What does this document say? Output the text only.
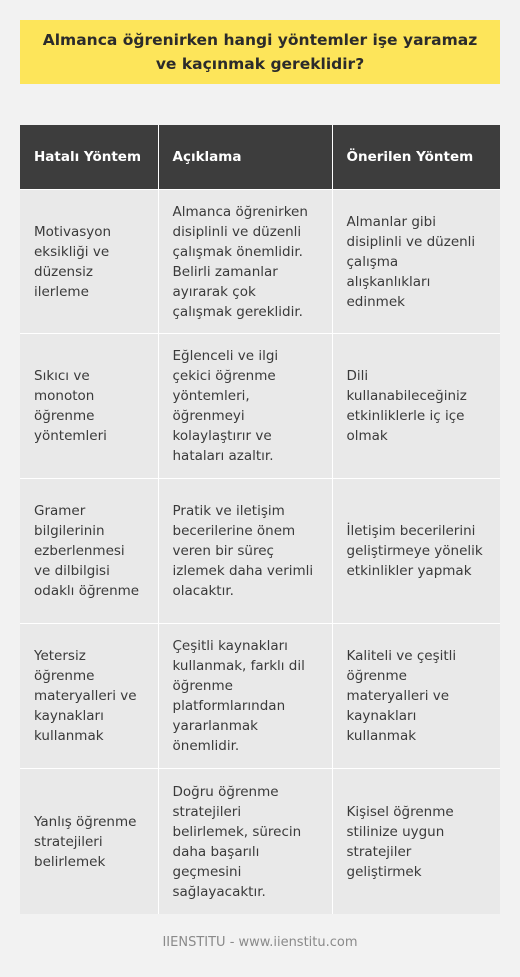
Almanca öğrenirken hangi yöntemler işe yaramaz ve kaçınmak gereklidir?
Hatalı Yöntem	Açıklama	Önerilen Yöntem
Motivasyon eksikliği ve düzensiz ilerleme	Almanca öğrenirken disiplinli ve düzenli çalışmak önemlidir. Belirli zamanlar ayırarak çok çalışmak gereklidir.	Almanlar gibi disiplinli ve düzenli çalışma alışkanlıkları edinmek
Sıkıcı ve monoton öğrenme yöntemleri	Eğlenceli ve ilgi çekici öğrenme yöntemleri, öğrenmeyi kolaylaştırır ve hataları azaltır.	Dili kullanabileceğiniz etkinliklerle iç içe olmak
Gramer bilgilerinin ezberlenmesi ve dilbilgisi odaklı öğrenme	Pratik ve iletişim becerilerine önem veren bir süreç izlemek daha verimli olacaktır.	İletişim becerilerini geliştirmeye yönelik etkinlikler yapmak
Yetersiz öğrenme materyalleri ve kaynakları kullanmak	Çeşitli kaynakları kullanmak, farklı dil öğrenme platformlarından yararlanmak önemlidir.	Kaliteli ve çeşitli öğrenme materyalleri ve kaynakları kullanmak
Yanlış öğrenme stratejileri belirlemek	Doğru öğrenme stratejileri belirlemek, sürecin daha başarılı geçmesini sağlayacaktır.	Kişisel öğrenme stilinize uygun stratejiler geliştirmek
IIENSTITU - www.iienstitu.com
